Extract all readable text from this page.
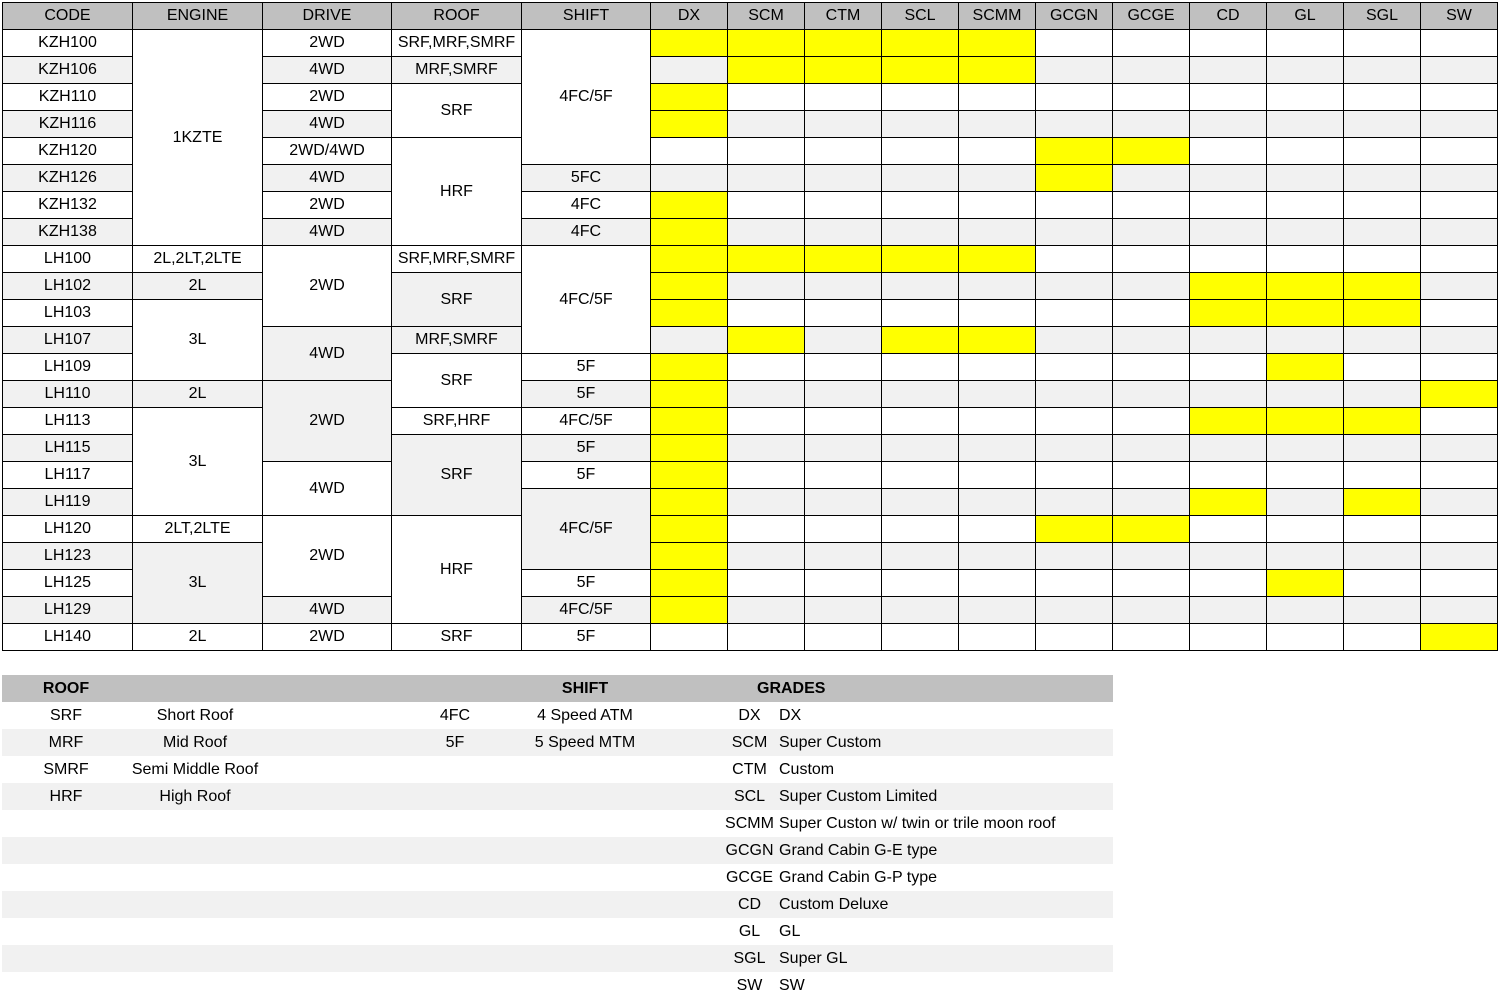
CODE	ENGINE	DRIVE	ROOF	SHIFT	DX	SCM	CTM	SCL	SCMM	GCGN	GCGE	CD	GL	SGL	SW
KZH100	1KZTE	2WD	SRF,MRF,SMRF	4FC/5F											
KZH106		4WD	MRF,SMRF												
KZH110		2WD	SRF												
KZH116		4WD													
KZH120		2WD/4WD	HRF												
KZH126		4WD		5FC											
KZH132		2WD		4FC											
KZH138		4WD		4FC											
LH100	2L,2LT,2LTE	2WD	SRF,MRF,SMRF	4FC/5F											
LH102	2L		SRF												
LH103	3L														
LH107		4WD	MRF,SMRF												
LH109			SRF	5F											
LH110	2L	2WD		5F											
LH113	3L		SRF,HRF	4FC/5F											
LH115			SRF	5F											
LH117		4WD		5F											
LH119				4FC/5F											
LH120	2LT,2LTE	2WD	HRF												
LH123	3L														
LH125				5F											
LH129		4WD		4FC/5F											
LH140	2L	2WD	SRF	5F											
ROOF				SHIFT		GRADES	
SRF	Short Roof		4FC	4 Speed ATM		DX	DX
MRF	Mid Roof		5F	5 Speed MTM		SCM	Super Custom
SMRF	Semi Middle Roof					CTM	Custom
HRF	High Roof					SCL	Super Custom Limited
						SCMM	Super Custon w/ twin or trile moon roof
						GCGN	Grand Cabin G-E type
						GCGE	Grand Cabin G-P type
						CD	Custom Deluxe
						GL	GL
						SGL	Super GL
						SW	SW
